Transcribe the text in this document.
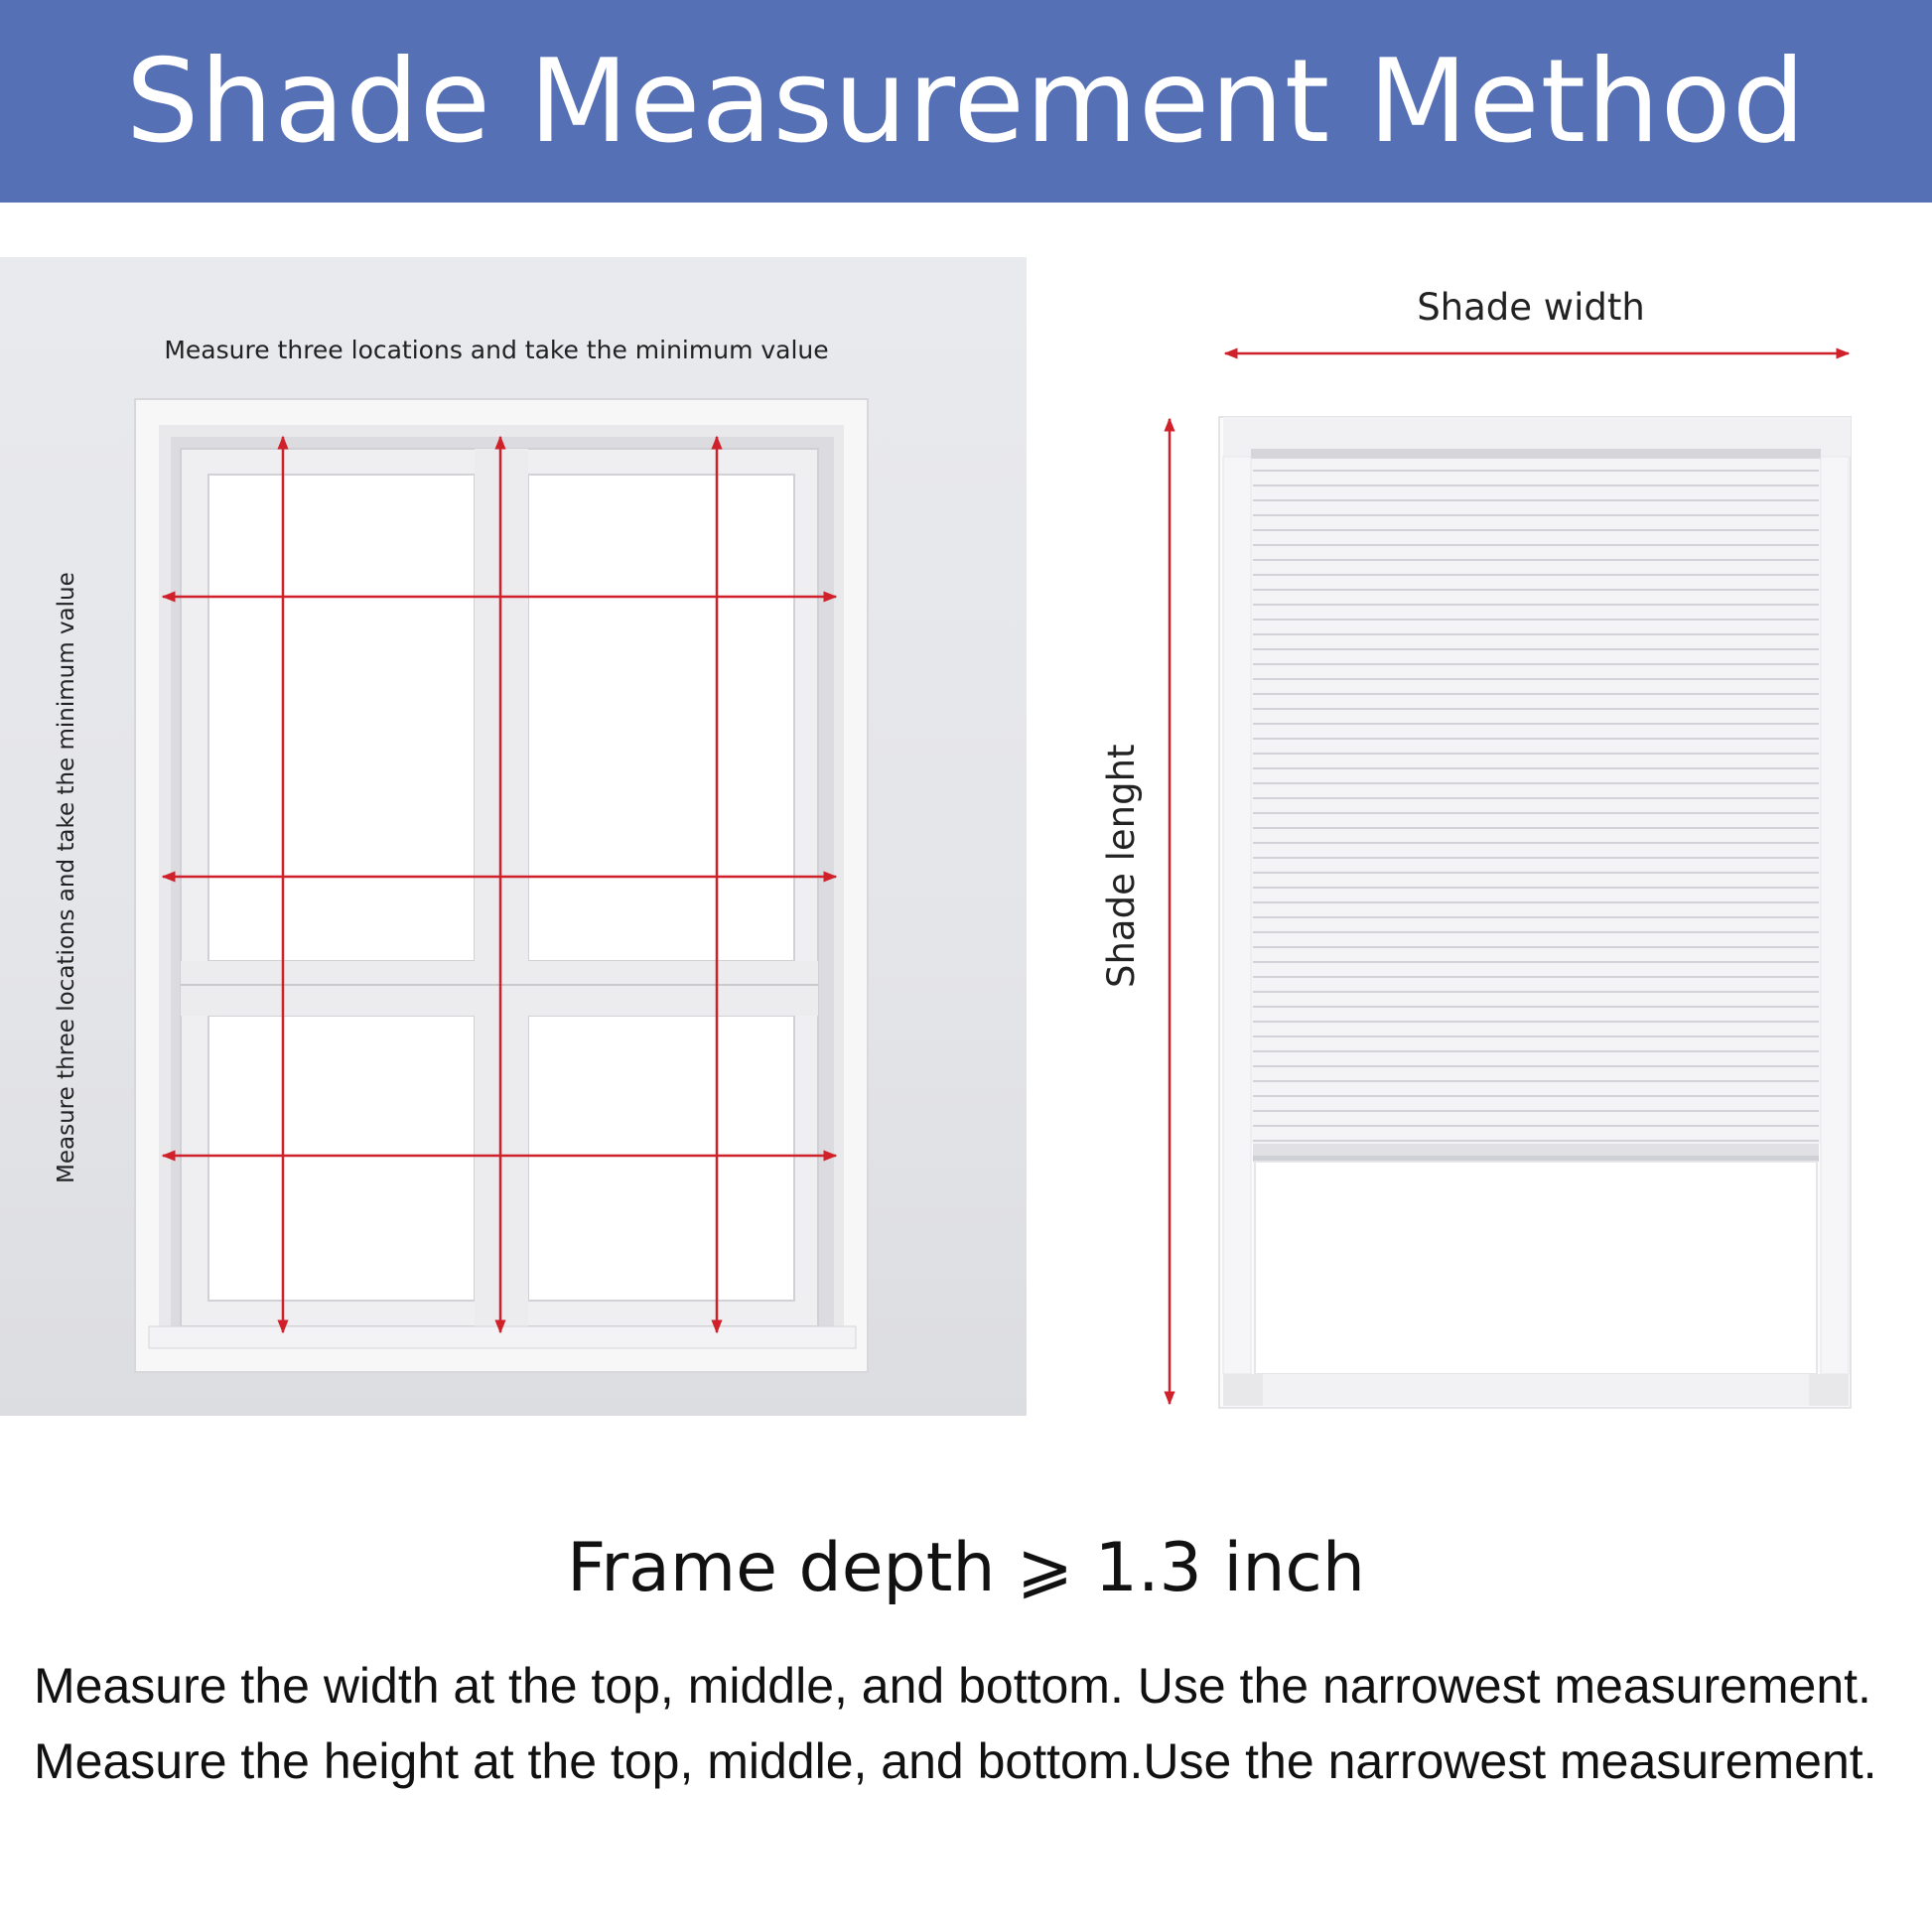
Shade Measurement Method
Measure three locations and take the minimum value
Measure three locations and take the minimum value
Shade width
Shade lenght
Frame depth ⩾ 1.3 inch
Measure the width at the top, middle, and bottom. Use the narrowest measurement.
Measure the height at the top, middle, and bottom.Use the narrowest measurement.
